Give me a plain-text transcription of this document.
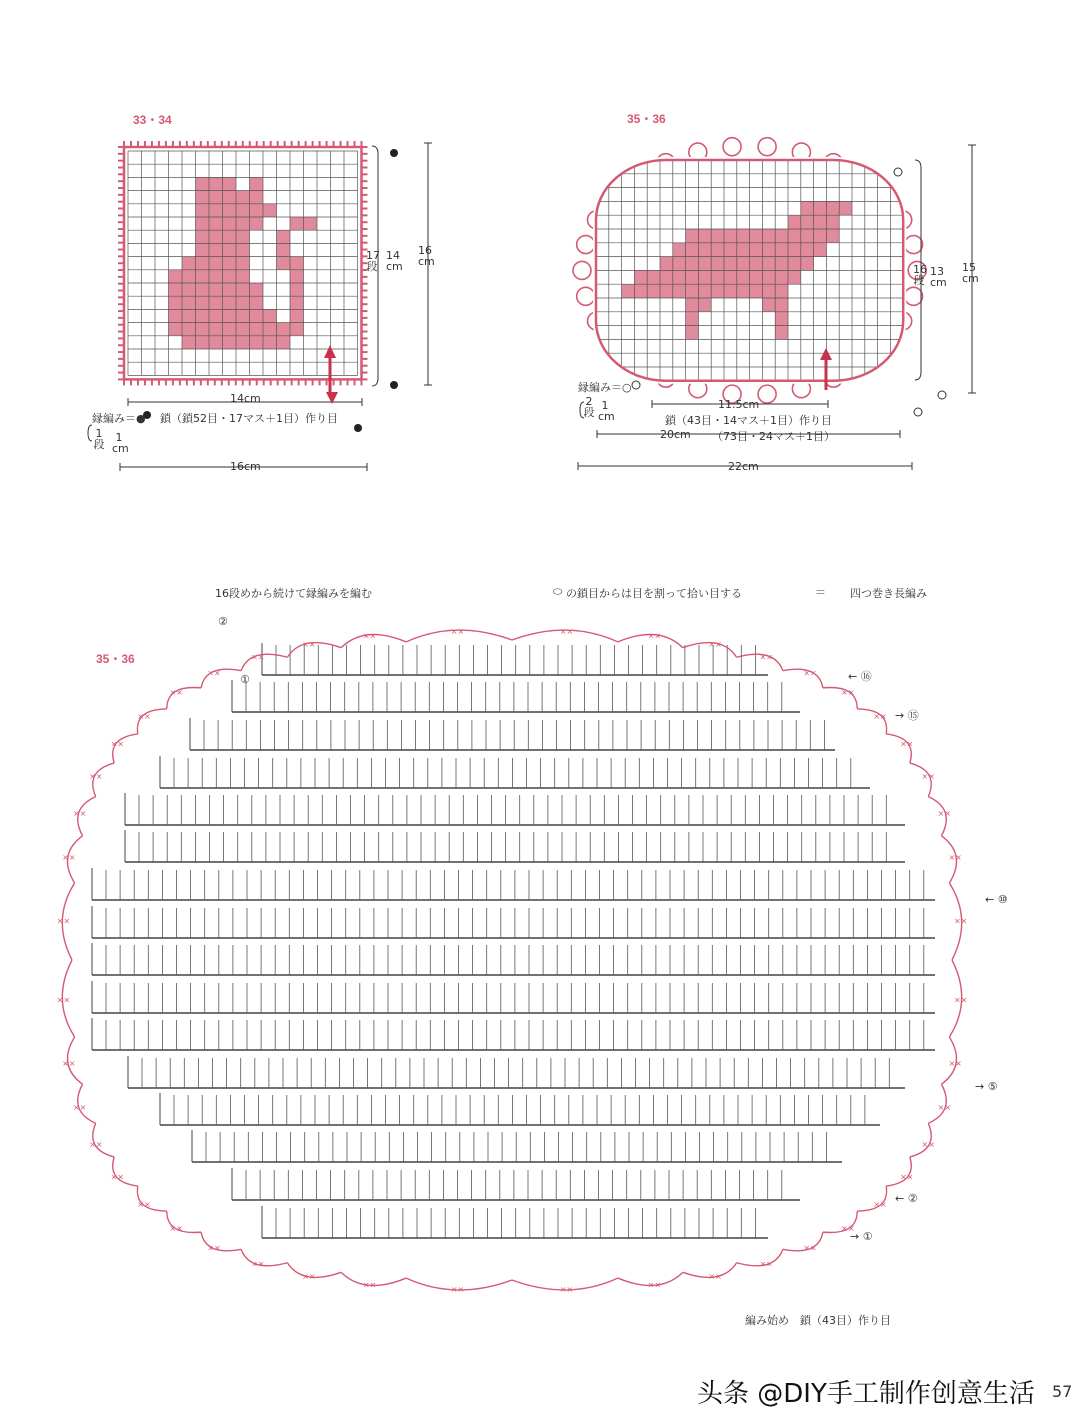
33・34
××
××
××
××
××
××
××
××
××
××
××
××
××
××
××
××
××
××
××
××
××
××
××
××
××
××
××
××
××
××
××
××
××
××
××
××	××
××
××
××
××
××
××
××
××
××
××
××
14cm
16cm
17段
14 cm
16 cm
縁編み＝● 鎖（鎖52目・17マス＋1目）作り目
1段
1 cm
35・36
11.5cm
鎖（43目・14マス＋1目）作り目
20cm （73目・24マス＋1目）
22cm
16段
13 cm
15 cm
縁編み＝○
2段
1 cm
16段めから続けて縁編みを編む	⬭ の鎖目からは目を割って拾い目する	＝ 四つ巻き長編み
35・36
②
①	← ⑯
→ ⑮
← ⑩
→ ⑤
← ②
→ ①
編み始め　鎖（43目）作り目
头条 @DIY手工制作创意生活 57
